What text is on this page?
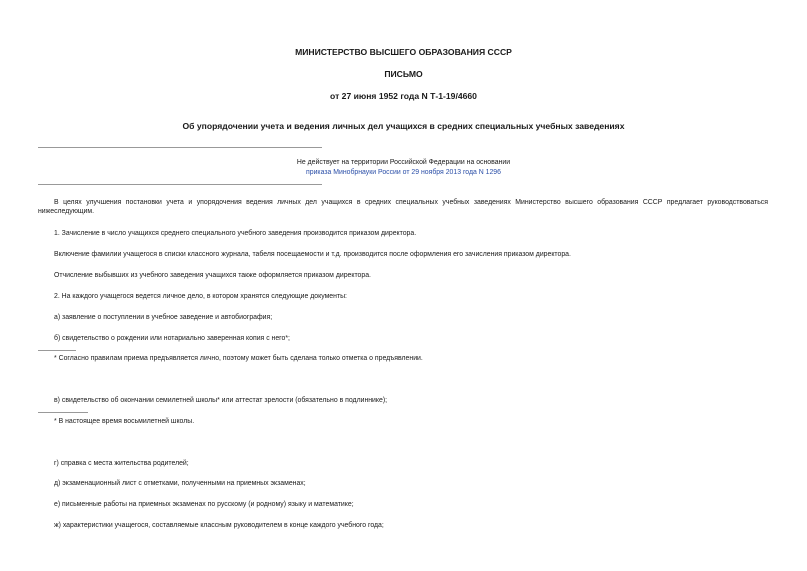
МИНИСТЕРСТВО ВЫСШЕГО ОБРАЗОВАНИЯ СССР
ПИСЬМО
от 27 июня 1952 года N Т-1-19/4660
Об упорядочении учета и ведения личных дел учащихся в средних специальных учебных заведениях
Не действует на территории Российской Федерации на основании
приказа Минобрнауки России от 29 ноября 2013 года N 1296
В целях улучшения постановки учета и упорядочения ведения личных дел учащихся в средних специальных учебных заведениях Министерство высшего образования СССР предлагает руководствоваться нижеследующим.
1. Зачисление в число учащихся среднего специального учебного заведения производится приказом директора.
Включение фамилии учащегося в списки классного журнала, табеля посещаемости и т.д. производится после оформления его зачисления приказом директора.
Отчисление выбывших из учебного заведения учащихся также оформляется приказом директора.
2. На каждого учащегося ведется личное дело, в котором хранятся следующие документы:
а) заявление о поступлении в учебное заведение и автобиография;
б) свидетельство о рождении или нотариально заверенная копия с него*;
* Согласно правилам приема предъявляется лично, поэтому может быть сделана только отметка о предъявлении.
в) свидетельство об окончании семилетней школы* или аттестат зрелости (обязательно в подлиннике);
* В настоящее время восьмилетней школы.
г) справка с места жительства родителей;
д) экзаменационный лист с отметками, полученными на приемных экзаменах;
е) письменные работы на приемных экзаменах по русскому (и родному) языку и математике;
ж) характеристики учащегося, составляемые классным руководителем в конце каждого учебного года;
